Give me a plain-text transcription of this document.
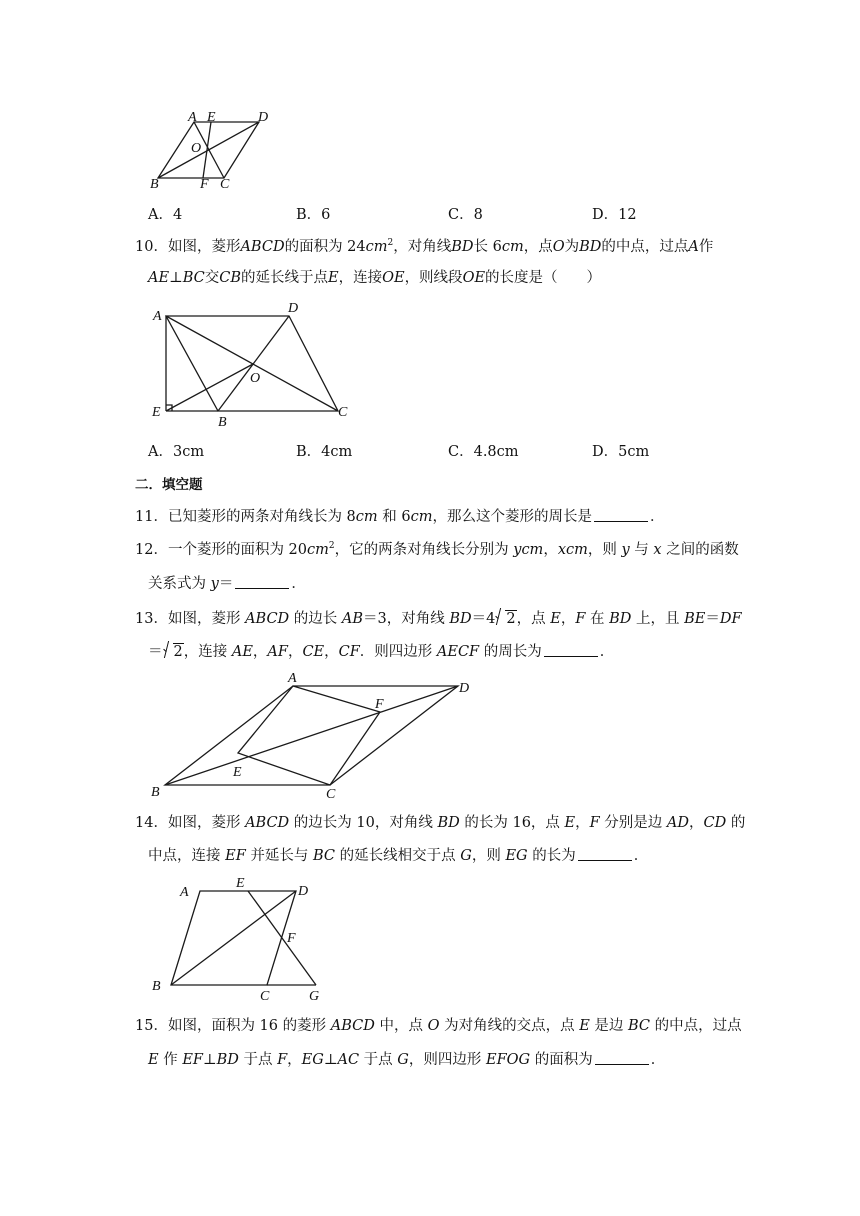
A E	D
O
B	F C
A．4	B．6	C．8	D．12
10．如图，菱形ABCD的面积为 $24cm^2$，对角线BD长 6cm，点O为BD的中点，过点A作
AE⊥BC交CB的延长线于点E，连接OE，则线段OE的长度是（　　）
A
D
O
E
B
C
A．3cm	B．4cm	C．4.8cm	D．5cm
二．填空题
11．已知菱形的两条对角线长为 8cm 和 6cm，那么这个菱形的周长是	．
12．一个菱形的面积为 $20cm^2$，它的两条对角线长分别为 ycm，xcm，则 y 与 x 之间的函数
关系式为 y＝	．
13．如图，菱形 ABCD 的边长 AB＝3，对角线 BD＝4 2，点 E，F 在 BD 上，且 BE＝DF
＝ 2，连接 AE，AF，CE，CF．则四边形 AECF 的周长为	．
A
D
F
E
B	C
14．如图，菱形 ABCD 的边长为 10，对角线 BD 的长为 16，点 E，F 分别是边 AD，CD 的
中点，连接 EF 并延长与 BC 的延长线相交于点 G，则 EG 的长为	．
A
E
D
F
B
C	G
15．如图，面积为 16 的菱形 ABCD 中，点 O 为对角线的交点，点 E 是边 BC 的中点，过点
E 作 EF⊥BD 于点 F，EG⊥AC 于点 G，则四边形 EFOG 的面积为	．
